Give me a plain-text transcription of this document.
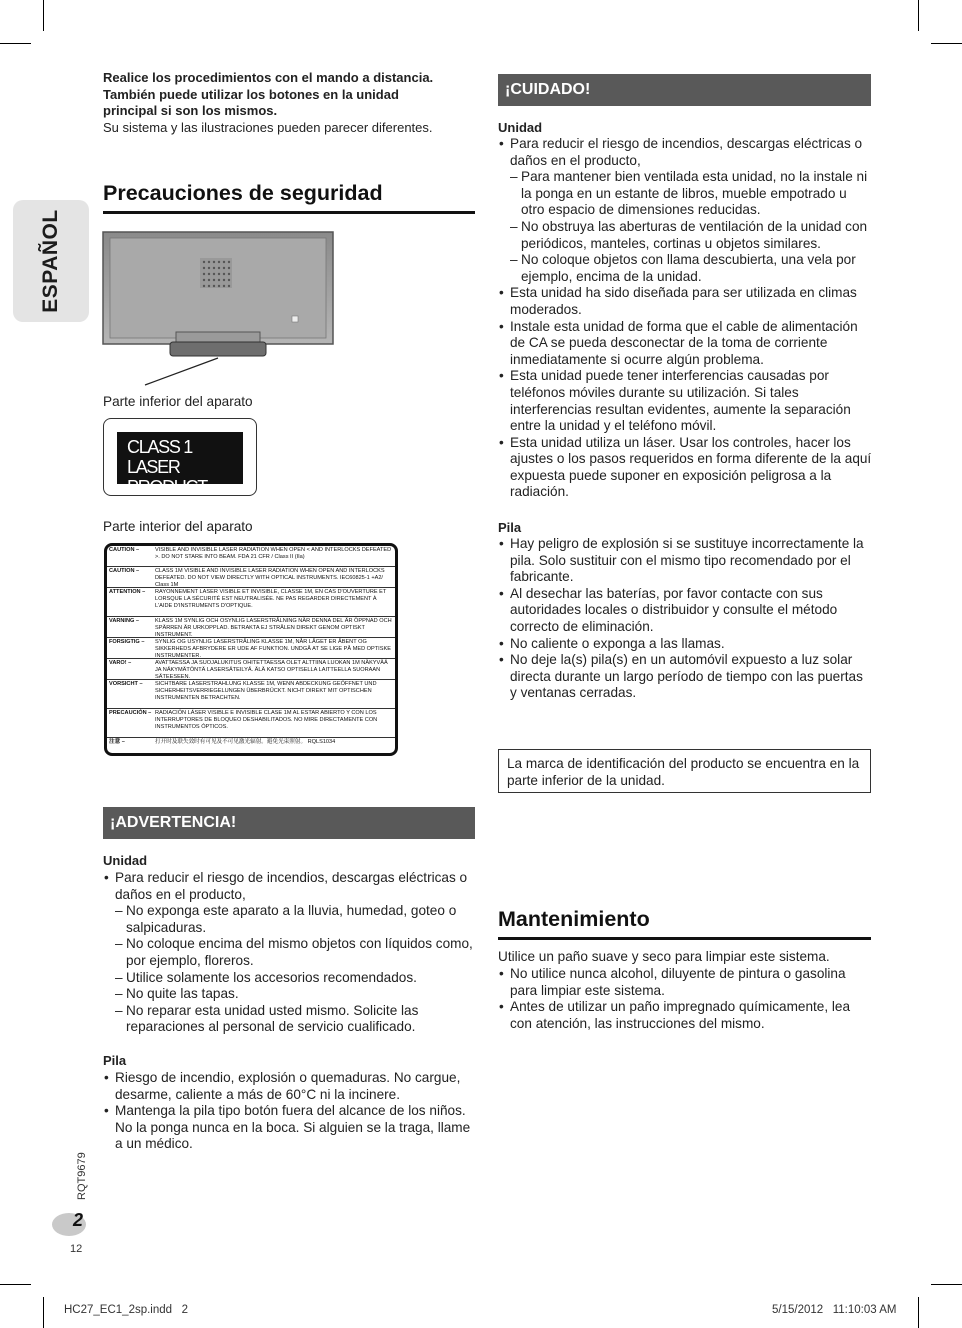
ESPAÑOL
Realice los procedimientos con el mando a distancia.
También puede utilizar los botones en la unidad
principal si son los mismos.
Su sistema y las ilustraciones pueden parecer diferentes.
Precauciones de seguridad
Parte inferior del aparato
CLASS 1
LASER PRODUCT
Parte interior del aparato
CAUTION –	VISIBLE AND INVISIBLE LASER RADIATION WHEN OPEN < AND INTERLOCKS DEFEATED >. DO NOT STARE INTO BEAM. FDA 21 CFR / Class II (IIa)
CAUTION –	CLASS 1M VISIBLE AND INVISIBLE LASER RADIATION WHEN OPEN AND INTERLOCKS DEFEATED. DO NOT VIEW DIRECTLY WITH OPTICAL INSTRUMENTS. IEC60825-1 +A2/ Class 1M
ATTENTION –	RAYONNEMENT LASER VISIBLE ET INVISIBLE, CLASSE 1M, EN CAS D'OUVERTURE ET LORSQUE LA SÉCURITÉ EST NEUTRALISÉE. NE PAS REGARDER DIRECTEMENT À L'AIDE D'INSTRUMENTS D'OPTIQUE.
VARNING –	KLASS 1M SYNLIG OCH OSYNLIG LASERSTRÅLNING NÄR DENNA DEL ÄR ÖPPNAD OCH SPÄRREN ÄR URKOPPLAD. BETRAKTA EJ STRÅLEN DIREKT GENOM OPTISKT INSTRUMENT.
FORSIGTIG –	SYNLIG OG USYNLIG LASERSTRÅLING KLASSE 1M, NÅR LÅGET ER ÅBENT OG SIKKERHEDS AFBRYDERE ER UDE AF FUNKTION. UNDGÅ AT SE LIGE PÅ MED OPTISKE INSTRUMENTER.
VARO! –	AVATTAESSA JA SUOJALUKITUS OHITETTAESSA OLET ALTTIINA LUOKAN 1M NÄKYVÄÄ JA NÄKYMÄTÖNTÄ LASERSÄTEILYÄ. ÄLÄ KATSO OPTISELLA LAITTEELLA SUORAAN SÄTEESEEN.
VORSICHT –	SICHTBARE LASERSTRAHLUNG KLASSE 1M, WENN ABDECKUNG GEÖFFNET UND SICHERHEITSVERRIEGELUNGEN ÜBERBRÜCKT. NICHT DIREKT MIT OPTISCHEN INSTRUMENTEN BETRACHTEN.
PRECAUCIÓN – RADIACIÓN LÁSER VISIBLE E INVISIBLE CLASE 1M AL ESTAR ABIERTO Y CON LOS INTERRUPTORES DE BLOQUEO DESHABILITADOS. NO MIRE DIRECTAMENTE CON INSTRUMENTOS ÓPTICOS.
注意 –	打开时及联失效时有可见及不可见激光辐射。避免光束照射。 RQLS1034
¡ADVERTENCIA!
Unidad
• Para reducir el riesgo de incendios, descargas eléctricas o daños en el producto,
– No exponga este aparato a la lluvia, humedad, goteo o salpicaduras.
– No coloque encima del mismo objetos con líquidos como, por ejemplo, floreros.
– Utilice solamente los accesorios recomendados.
– No quite las tapas.
– No reparar esta unidad usted mismo. Solicite las reparaciones al personal de servicio cualificado.
Pila
• Riesgo de incendio, explosión o quemaduras. No cargue, desarme, caliente a más de 60°C ni la incinere.
• Mantenga la pila tipo botón fuera del alcance de los niños. No la ponga nunca en la boca. Si alguien se la traga, llame a un médico.
¡CUIDADO!
Unidad
• Para reducir el riesgo de incendios, descargas eléctricas o daños en el producto,
– Para mantener bien ventilada esta unidad, no la instale ni la ponga en un estante de libros, mueble empotrado u otro espacio de dimensiones reducidas.
– No obstruya las aberturas de ventilación de la unidad con periódicos, manteles, cortinas u objetos similares.
– No coloque objetos con llama descubierta, una vela por ejemplo, encima de la unidad.
• Esta unidad ha sido diseñada para ser utilizada en climas moderados.
• Instale esta unidad de forma que el cable de alimentación de CA se pueda desconectar de la toma de corriente inmediatamente si ocurre algún problema.
• Esta unidad puede tener interferencias causadas por teléfonos móviles durante su utilización. Si tales interferencias resultan evidentes, aumente la separación entre la unidad y el teléfono móvil.
• Esta unidad utiliza un láser. Usar los controles, hacer los ajustes o los pasos requeridos en forma diferente de la aquí expuesta puede suponer en exposición peligrosa a la radiación.
Pila
• Hay peligro de explosión si se sustituye incorrectamente la pila. Solo sustituir con el mismo tipo recomendado por el fabricante.
• Al desechar las baterías, por favor contacte con sus autoridades locales o distribuidor y consulte el método correcto de eliminación.
• No caliente o exponga a las llamas.
• No deje la(s) pila(s) en un automóvil expuesto a luz solar directa durante un largo período de tiempo con las puertas y ventanas cerradas.
La marca de identificación del producto se encuentra en la parte inferior de la unidad.
Mantenimiento
Utilice un paño suave y seco para limpiar este sistema.
• No utilice nunca alcohol, diluyente de pintura o gasolina para limpiar este sistema.
• Antes de utilizar un paño impregnado químicamente, lea con atención, las instrucciones del mismo.
RQT9679
2
12
HC27_EC1_2sp.indd   2	5/15/2012   11:10:03 AM
